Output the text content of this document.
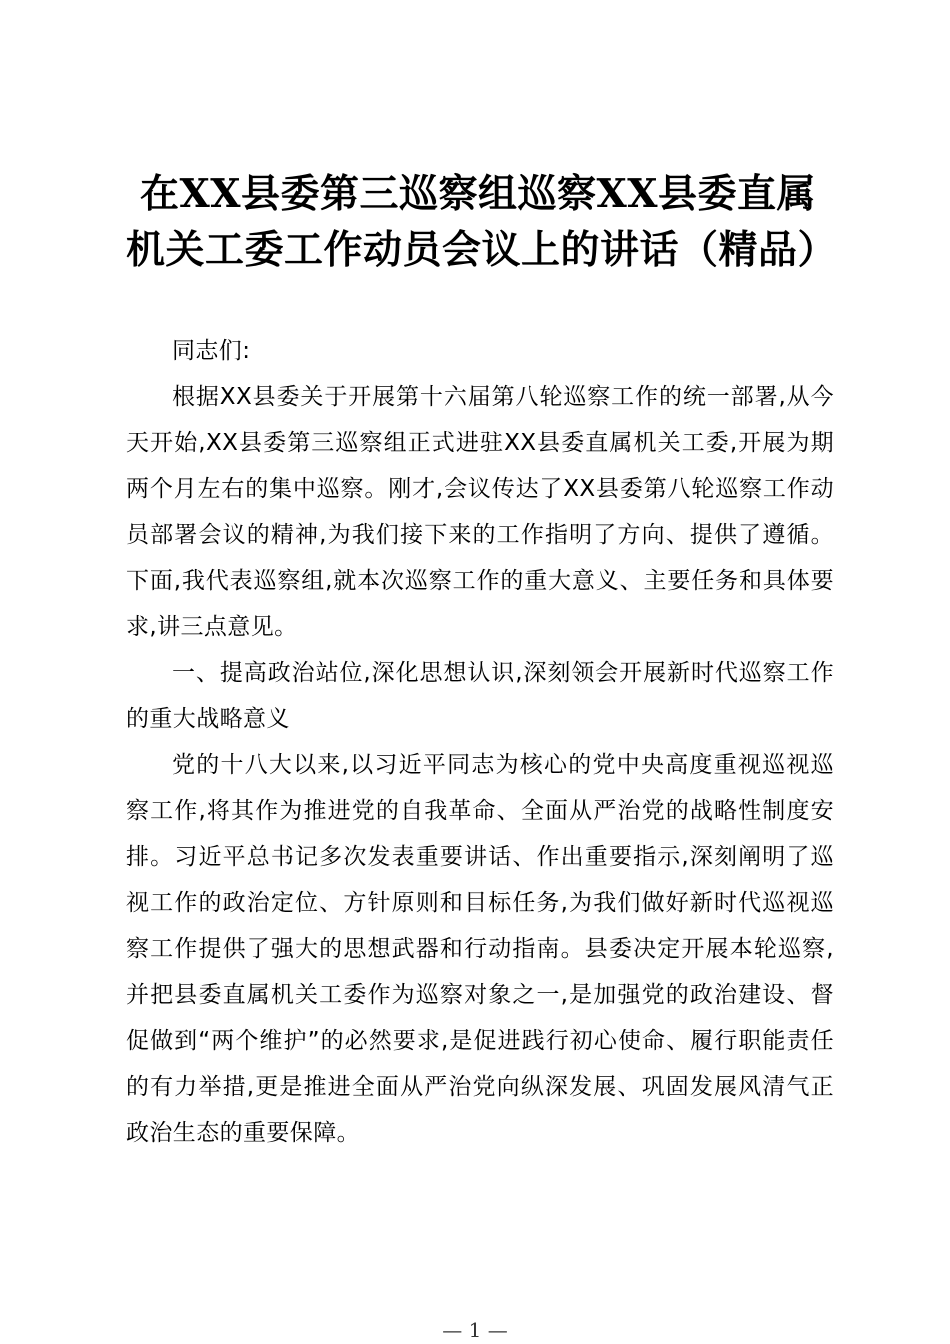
在XX县委第三巡察组巡察XX县委直属机关工委工作动员会议上的讲话（精品）

同志们:

根据XX县委关于开展第十六届第八轮巡察工作的统一部署,从今天开始,XX县委第三巡察组正式进驻XX县委直属机关工委,开展为期两个月左右的集中巡察。刚才,会议传达了XX县委第八轮巡察工作动员部署会议的精神,为我们接下来的工作指明了方向、提供了遵循。下面,我代表巡察组,就本次巡察工作的重大意义、主要任务和具体要求,讲三点意见。

一、提高政治站位,深化思想认识,深刻领会开展新时代巡察工作的重大战略意义

党的十八大以来,以习近平同志为核心的党中央高度重视巡视巡察工作,将其作为推进党的自我革命、全面从严治党的战略性制度安排。习近平总书记多次发表重要讲话、作出重要指示,深刻阐明了巡视工作的政治定位、方针原则和目标任务,为我们做好新时代巡视巡察工作提供了强大的思想武器和行动指南。县委决定开展本轮巡察,并把县委直属机关工委作为巡察对象之一,是加强党的政治建设、督促做到“两个维护”的必然要求,是促进践行初心使命、履行职能责任的有力举措,更是推进全面从严治党向纵深发展、巩固发展风清气正政治生态的重要保障。

— 1 —
